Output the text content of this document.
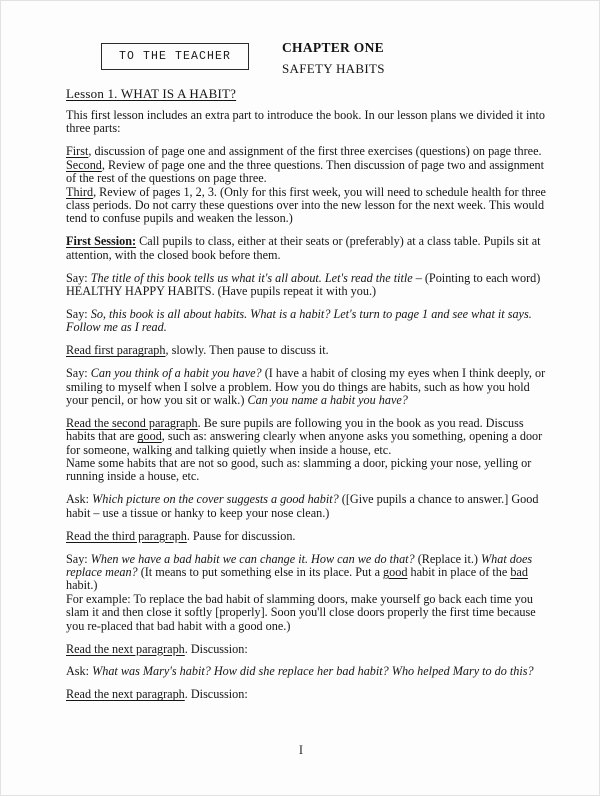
TO THE TEACHER
CHAPTER ONE
SAFETY HABITS
Lesson 1. WHAT IS A HABIT?

This first lesson includes an extra part to introduce the book. In our lesson plans we divided it into three parts:

First, discussion of page one and assignment of the first three exercises (questions) on page three.
Second, Review of page one and the three questions. Then discussion of page two and assignment of the rest of the questions on page three.
Third, Review of pages 1, 2, 3. (Only for this first week, you will need to schedule health for three class periods. Do not carry these questions over into the new lesson for the next week. This would tend to confuse pupils and weaken the lesson.)

First Session: Call pupils to class, either at their seats or (preferably) at a class table. Pupils sit at attention, with the closed book before them.

Say: The title of this book tells us what it's all about. Let's read the title – (Pointing to each word) HEALTHY HAPPY HABITS. (Have pupils repeat it with you.)

Say: So, this book is all about habits. What is a habit? Let's turn to page 1 and see what it says. Follow me as I read.

Read first paragraph, slowly. Then pause to discuss it.

Say: Can you think of a habit you have? (I have a habit of closing my eyes when I think deeply, or smiling to myself when I solve a problem. How you do things are habits, such as how you hold your pencil, or how you sit or walk.) Can you name a habit you have?

Read the second paragraph. Be sure pupils are following you in the book as you read. Discuss habits that are good, such as: answering clearly when anyone asks you something, opening a door for someone, walking and talking quietly when inside a house, etc.
Name some habits that are not so good, such as: slamming a door, picking your nose, yelling or running inside a house, etc.

Ask: Which picture on the cover suggests a good habit? ([Give pupils a chance to answer.] Good habit – use a tissue or hanky to keep your nose clean.)

Read the third paragraph. Pause for discussion.

Say: When we have a bad habit we can change it. How can we do that? (Replace it.) What does replace mean? (It means to put something else in its place. Put a good habit in place of the bad habit.)
For example: To replace the bad habit of slamming doors, make yourself go back each time you slam it and then close it softly [properly]. Soon you'll close doors properly the first time because you re-placed that bad habit with a good one.)

Read the next paragraph. Discussion:

Ask: What was Mary's habit? How did she replace her bad habit? Who helped Mary to do this?

Read the next paragraph. Discussion:

I
